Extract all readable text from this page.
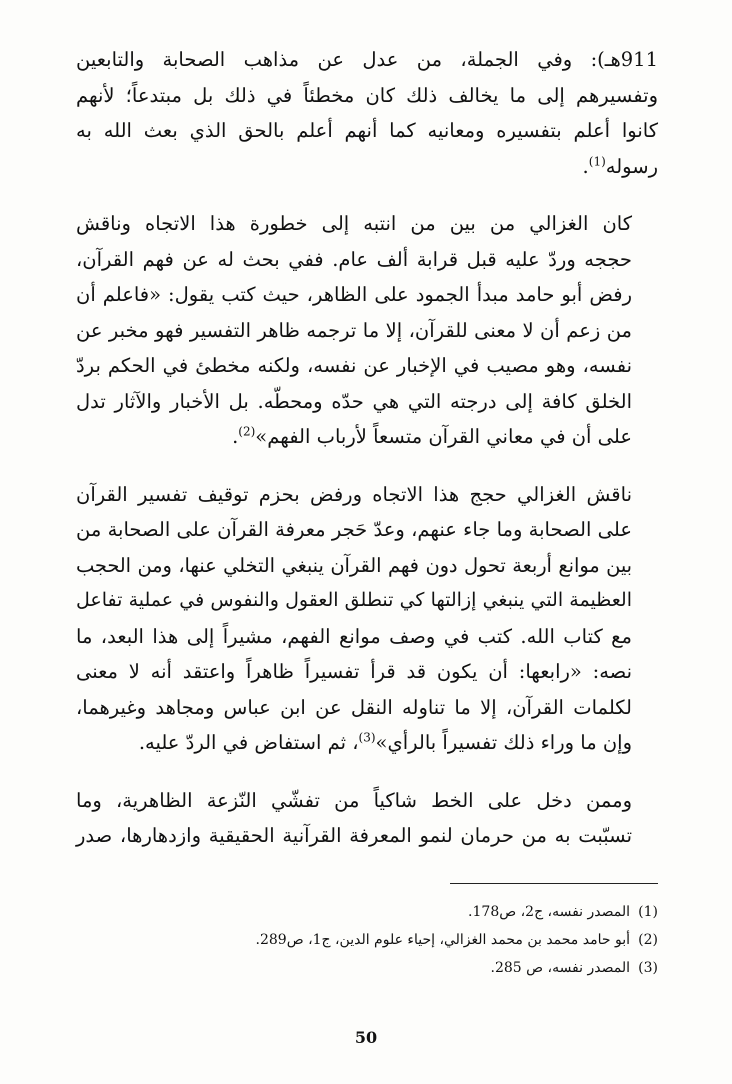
911هـ): وفي الجملة، من عدل عن مذاهب الصحابة والتابعين
وتفسيرهم إلى ما يخالف ذلك كان مخطئاً في ذلك بل مبتدعاً؛ لأنهم
كانوا أعلم بتفسيره ومعانيه كما أنهم أعلم بالحق الذي بعث الله به
رسوله$^{(1)}$.

كان الغزالي من بين من انتبه إلى خطورة هذا الاتجاه وناقش
حججه وردّ عليه قبل قرابة ألف عام. ففي بحث له عن فهم القرآن،
رفض أبو حامد مبدأ الجمود على الظاهر، حيث كتب يقول: «فاعلم أن
من زعم أن لا معنى للقرآن، إلا ما ترجمه ظاهر التفسير فهو مخبر عن
نفسه، وهو مصيب في الإخبار عن نفسه، ولكنه مخطئ في الحكم بردّ
الخلق كافة إلى درجته التي هي حدّه ومحطّه. بل الأخبار والآثار تدل
على أن في معاني القرآن متسعاً لأرباب الفهم»$^{(2)}$.

ناقش الغزالي حجج هذا الاتجاه ورفض بحزم توقيف تفسير القرآن
على الصحابة وما جاء عنهم، وعدّ حَجر معرفة القرآن على الصحابة من
بين موانع أربعة تحول دون فهم القرآن ينبغي التخلي عنها، ومن الحجب
العظيمة التي ينبغي إزالتها كي تنطلق العقول والنفوس في عملية تفاعل
مع كتاب الله. كتب في وصف موانع الفهم، مشيراً إلى هذا البعد، ما
نصه: «رابعها: أن يكون قد قرأ تفسيراً ظاهراً واعتقد أنه لا معنى
لكلمات القرآن، إلا ما تناوله النقل عن ابن عباس ومجاهد وغيرهما،
وإن ما وراء ذلك تفسيراً بالرأي»$^{(3)}$، ثم استفاض في الردّ عليه.

وممن دخل على الخط شاكياً من تفشّي النّزعة الظاهرية، وما
تسبّبت به من حرمان لنمو المعرفة القرآنية الحقيقية وازدهارها، صدر

(1)المصدر نفسه، ج2، ص178.
(2)أبو حامد محمد بن محمد الغزالي، إحياء علوم الدين، ج1، ص289.
(3)المصدر نفسه، ص 285.
50
